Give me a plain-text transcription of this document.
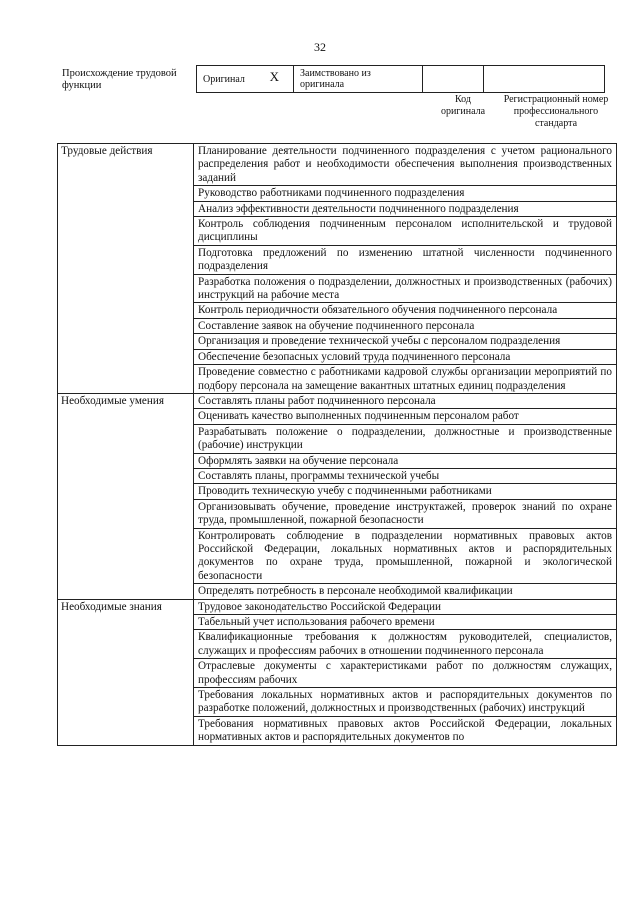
32
Происхождение трудовой функции
Оригинал X	Заимствовано из оригинала		
Код оригинала
Регистрационный номер профессионального стандарта
Трудовые действия	Планирование деятельности подчиненного подразделения с учетом рационального распределения работ и необходимости обеспечения выполнения производственных заданий
	Руководство работниками подчиненного подразделения
	Анализ эффективности деятельности подчиненного подразделения
	Контроль соблюдения подчиненным персоналом исполнительской и трудовой дисциплины
	Подготовка предложений по изменению штатной численности подчиненного подразделения
	Разработка положения о подразделении, должностных и производственных (рабочих) инструкций на рабочие места
	Контроль периодичности обязательного обучения подчиненного персонала
	Составление заявок на обучение подчиненного персонала
	Организация и проведение технической учебы с персоналом подразделения
	Обеспечение безопасных условий труда подчиненного персонала
	Проведение совместно с работниками кадровой службы организации мероприятий по подбору персонала на замещение вакантных штатных единиц подразделения
Необходимые умения	Составлять планы работ подчиненного персонала
	Оценивать качество выполненных подчиненным персоналом работ
	Разрабатывать положение о подразделении, должностные и производственные (рабочие) инструкции
	Оформлять заявки на обучение персонала
	Составлять планы, программы технической учебы
	Проводить техническую учебу с подчиненными работниками
	Организовывать обучение, проведение инструктажей, проверок знаний по охране труда, промышленной, пожарной безопасности
	Контролировать соблюдение в подразделении нормативных правовых актов Российской Федерации, локальных нормативных актов и распорядительных документов по охране труда, промышленной, пожарной и экологической безопасности
	Определять потребность в персонале необходимой квалификации
Необходимые знания	Трудовое законодательство Российской Федерации
	Табельный учет использования рабочего времени
	Квалификационные требования к должностям руководителей, специалистов, служащих и профессиям рабочих в отношении подчиненного персонала
	Отраслевые документы с характеристиками работ по должностям служащих, профессиям рабочих
	Требования локальных нормативных актов и распорядительных документов по разработке положений, должностных и производственных (рабочих) инструкций
	Требования нормативных правовых актов Российской Федерации, локальных нормативных актов и распорядительных документов по
